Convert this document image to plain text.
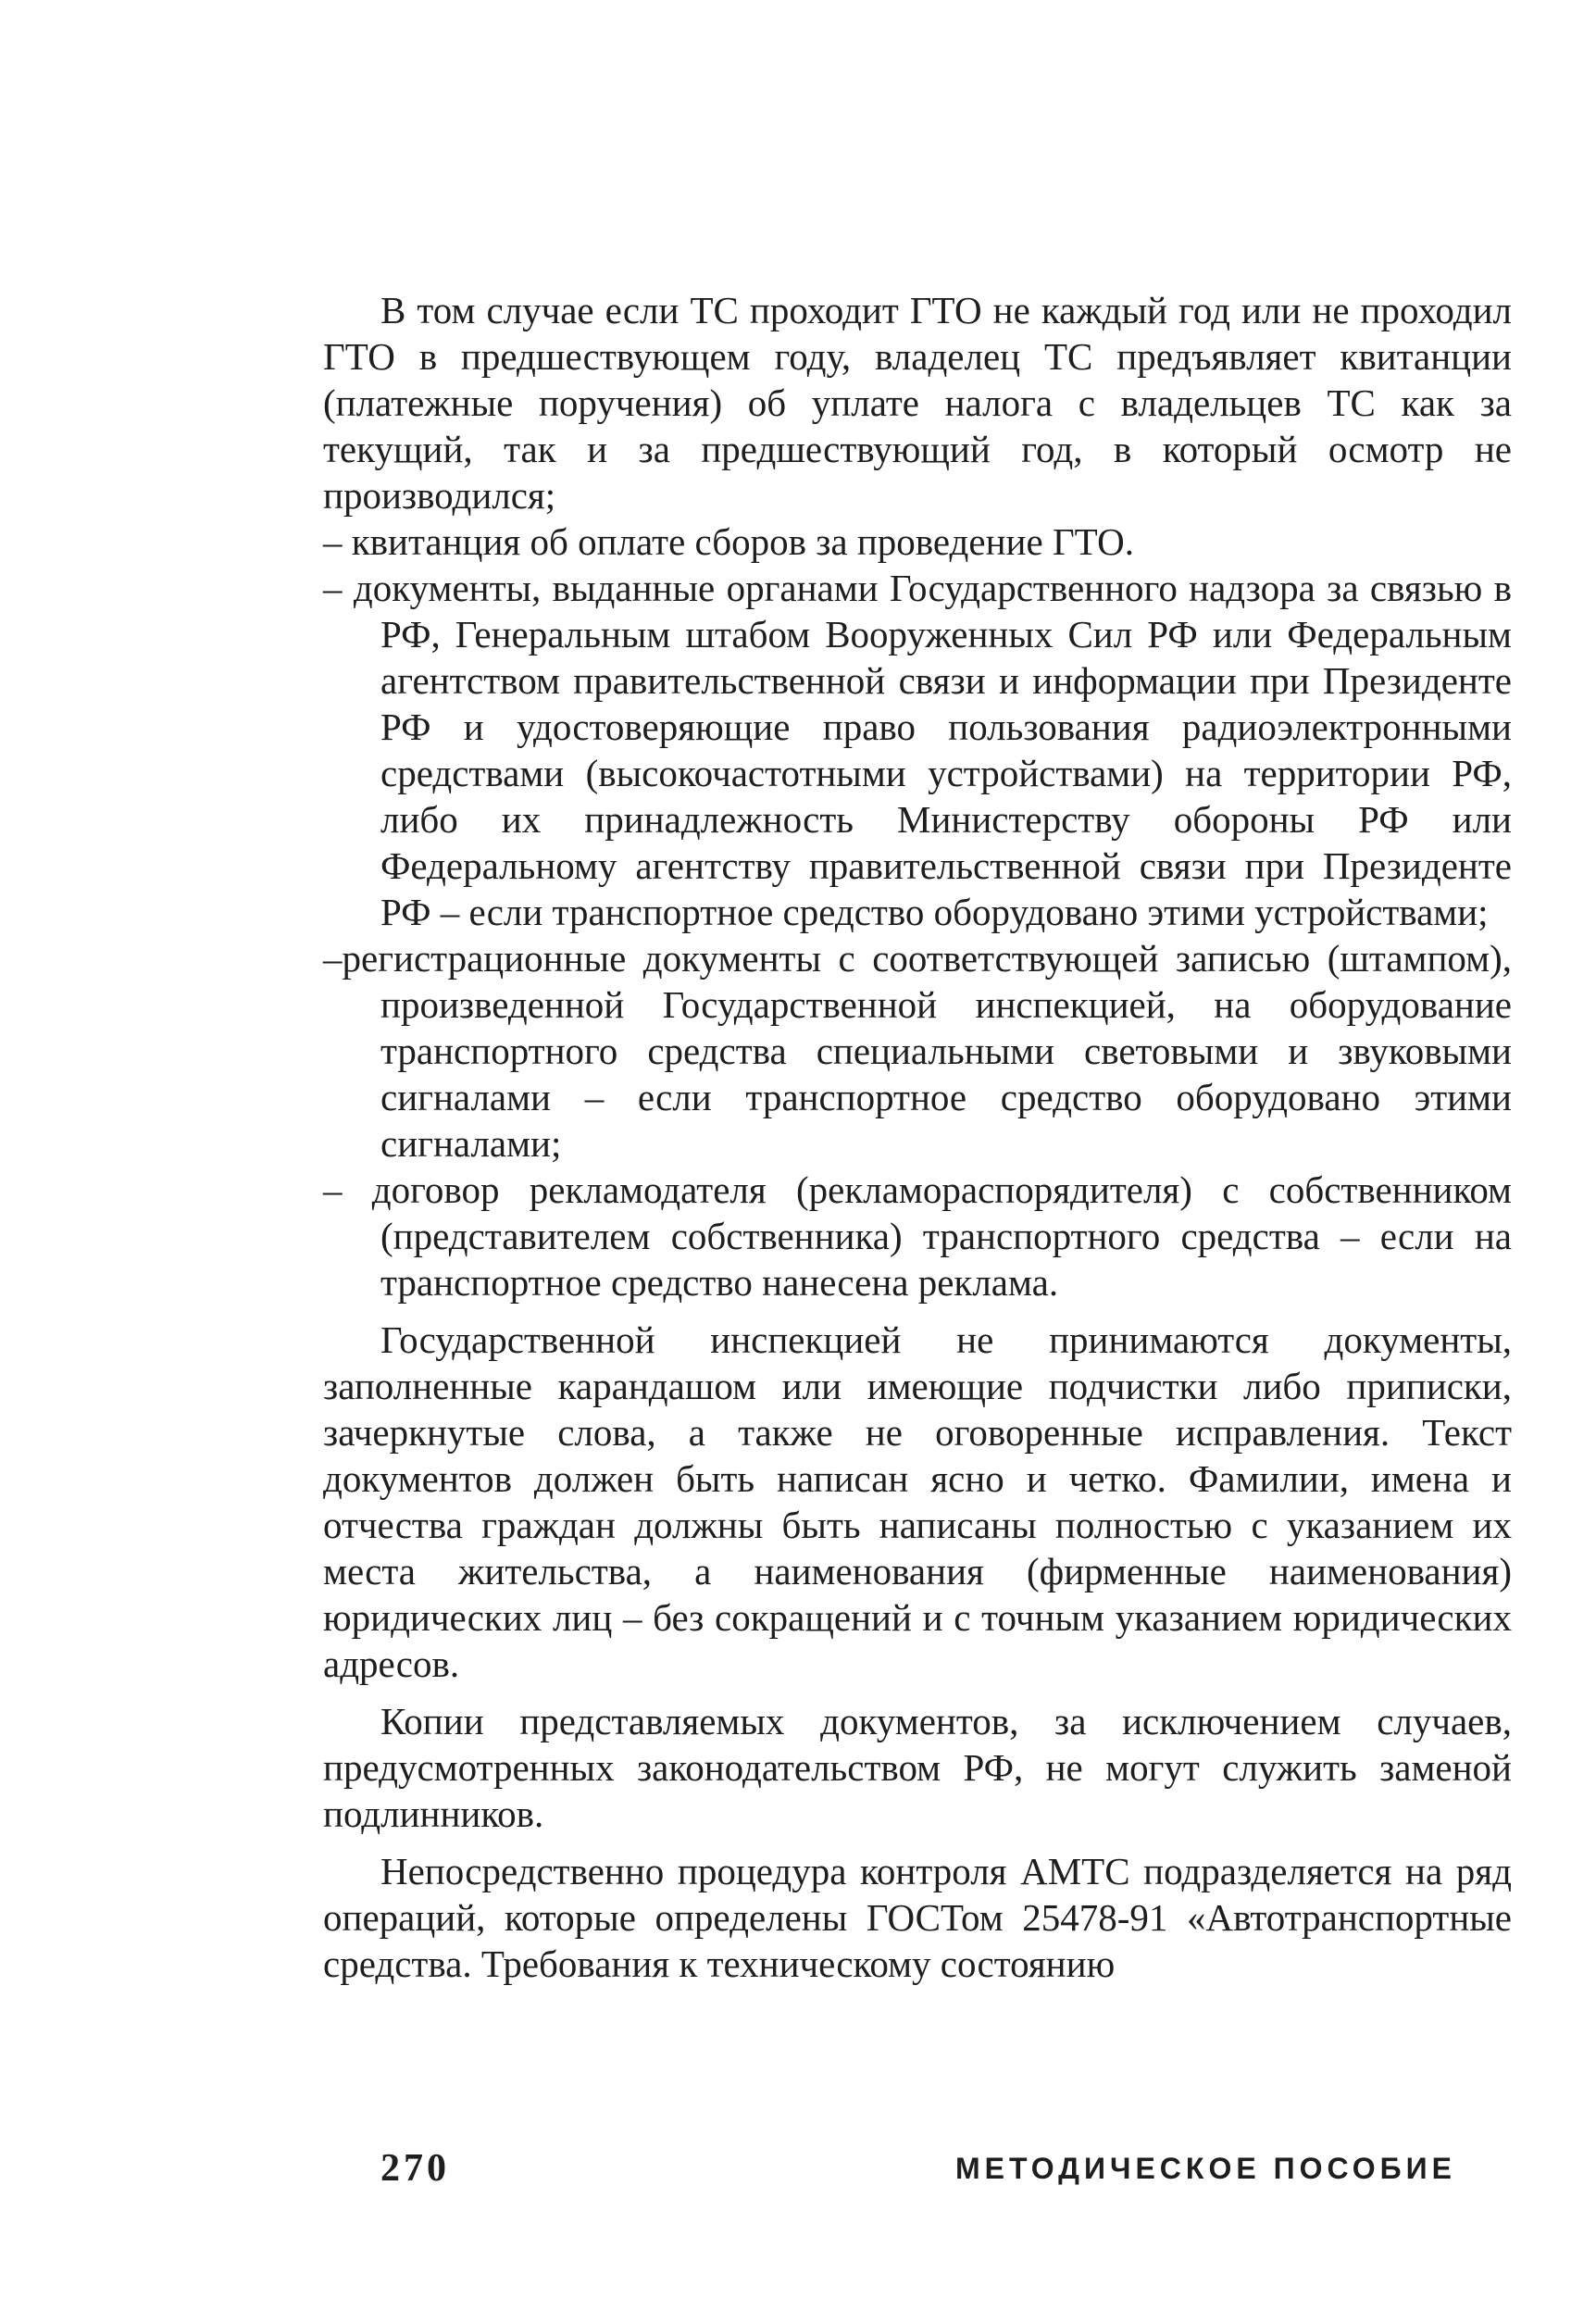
В том случае если ТС проходит ГТО не каждый год или не проходил ГТО в предшествующем году, владелец ТС предъявляет квитанции (платежные поручения) об уплате налога с владельцев ТС как за текущий, так и за предшествующий год, в который осмотр не производился;

– квитанция об оплате сборов за проведение ГТО.

– документы, выданные органами Государственного надзора за связью в РФ, Генеральным штабом Вооруженных Сил РФ или Федеральным агентством правительственной связи и информации при Президенте РФ и удостоверяющие право пользования радиоэлектронными средствами (высокочастотными устройствами) на территории РФ, либо их принадлежность Министерству обороны РФ или Федеральному агентству правительственной связи при Президенте РФ – если транспортное средство оборудовано этими устройствами;

–регистрационные документы с соответствующей записью (штампом), произведенной Государственной инспекцией, на оборудование транспортного средства специальными световыми и звуковыми сигналами – если транспортное средство оборудовано этими сигналами;

– договор рекламодателя (рекламораспорядителя) с собственником (представителем собственника) транспортного средства – если на транспортное средство нанесена реклама.

Государственной инспекцией не принимаются документы, заполненные карандашом или имеющие подчистки либо приписки, зачеркнутые слова, а также не оговоренные исправления. Текст документов должен быть написан ясно и четко. Фамилии, имена и отчества граждан должны быть написаны полностью с указанием их места жительства, а наименования (фирменные наименования) юридических лиц – без сокращений и с точным указанием юридических адресов.

Копии представляемых документов, за исключением случаев, предусмотренных законодательством РФ, не могут служить заменой подлинников.

Непосредственно процедура контроля АМТС подразделяется на ряд операций, которые определены ГОСТом 25478-91 «Автотранспортные средства. Требования к техническому состоянию

270	МЕТОДИЧЕСКОЕ ПОСОБИЕ
